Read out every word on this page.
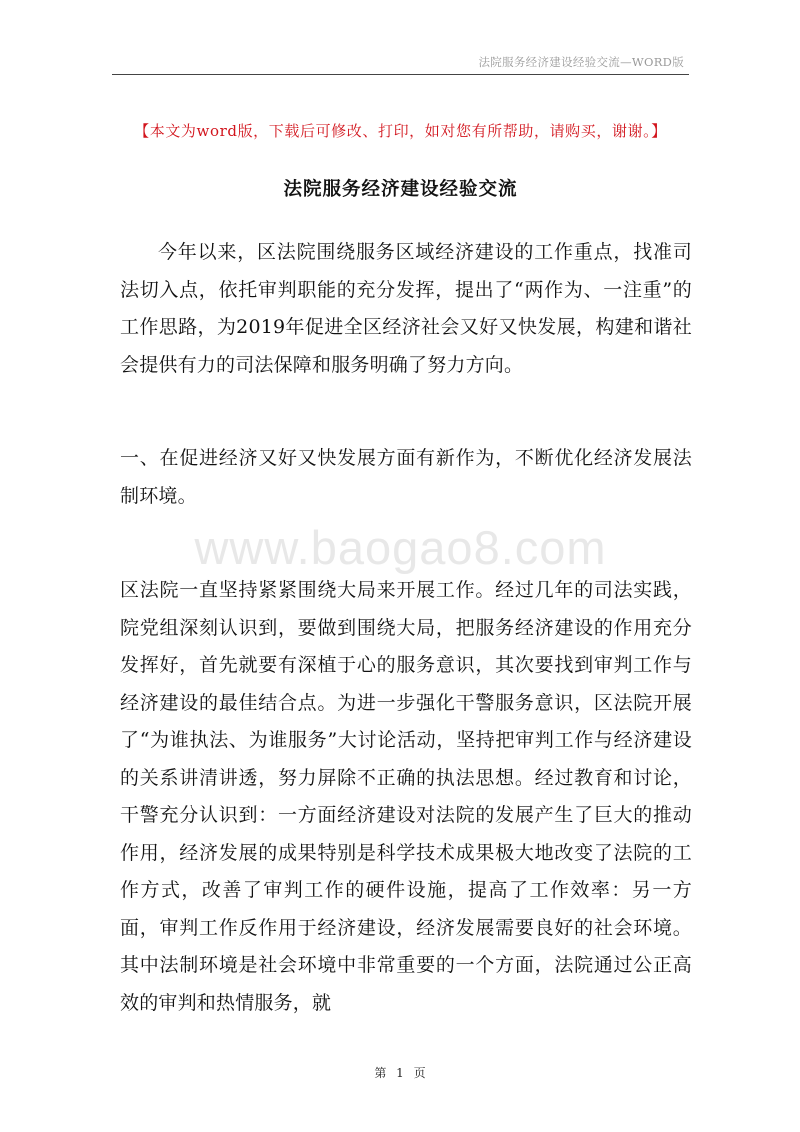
法院服务经济建设经验交流—WORD版
【本文为word版，下载后可修改、打印，如对您有所帮助，请购买，谢谢。】
法院服务经济建设经验交流
今年以来，区法院围绕服务区域经济建设的工作重点，找准司法切入点，依托审判职能的充分发挥，提出了“两作为、一注重”的工作思路，为2019年促进全区经济社会又好又快发展，构建和谐社会提供有力的司法保障和服务明确了努力方向。
一、在促进经济又好又快发展方面有新作为，不断优化经济发展法制环境。
www.baogao8.com
区法院一直坚持紧紧围绕大局来开展工作。经过几年的司法实践，院党组深刻认识到，要做到围绕大局，把服务经济建设的作用充分发挥好，首先就要有深植于心的服务意识，其次要找到审判工作与经济建设的最佳结合点。为进一步强化干警服务意识，区法院开展了“为谁执法、为谁服务”大讨论活动，坚持把审判工作与经济建设的关系讲清讲透，努力屏除不正确的执法思想。经过教育和讨论，干警充分认识到：一方面经济建设对法院的发展产生了巨大的推动作用，经济发展的成果特别是科学技术成果极大地改变了法院的工作方式，改善了审判工作的硬件设施，提高了工作效率：另一方面，审判工作反作用于经济建设，经济发展需要良好的社会环境。其中法制环境是社会环境中非常重要的一个方面，法院通过公正高效的审判和热情服务，就
第 1 页
